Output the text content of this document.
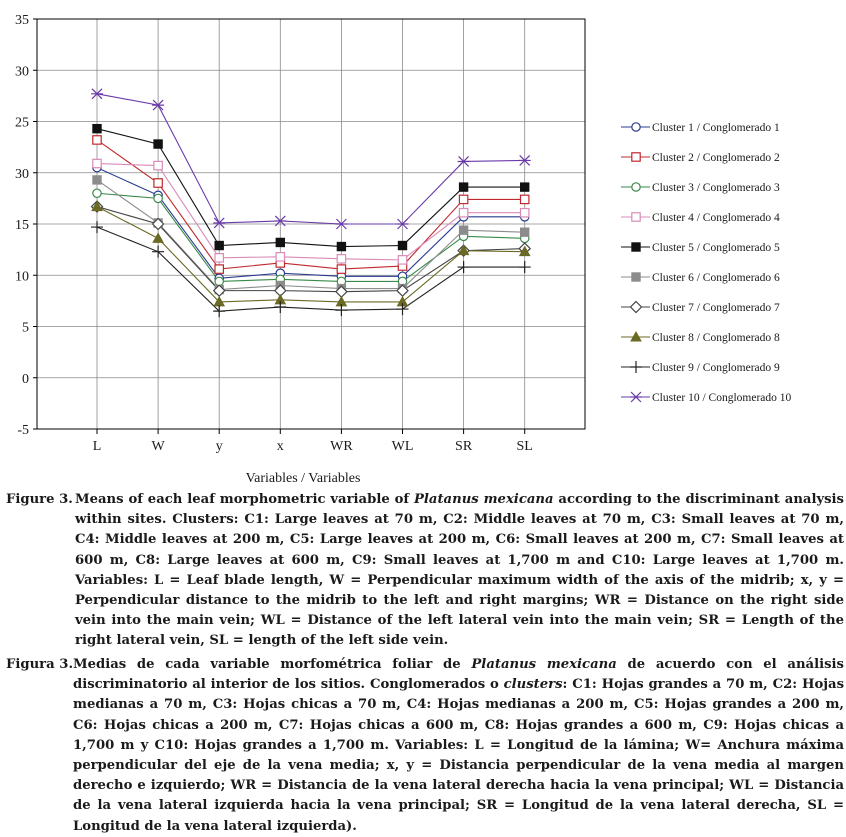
35
30
25
30
15
10
5
0
-5
L	W	y	x	WR	WL	SR	SL
Cluster 1 / Conglomerado 1
Cluster 2 / Conglomerado 2
Cluster 3 / Conglomerado 3
Cluster 4 / Conglomerado 4
Cluster 5 / Conglomerado 5
Cluster 6 / Conglomerado 6
Cluster 7 / Conglomerado 7
Cluster 8 / Conglomerado 8
Cluster 9 / Conglomerado 9
Cluster 10 / Conglomerado 10
Variables / Variables
Figure 3. Means of each leaf morphometric variable of Platanus mexicana according to the discriminant analysis within sites. Clusters: C1: Large leaves at 70 m, C2: Middle leaves at 70 m, C3: Small leaves at 70 m, C4: Middle leaves at 200 m, C5: Large leaves at 200 m, C6: Small leaves at 200 m, C7: Small leaves at 600 m, C8: Large leaves at 600 m, C9: Small leaves at 1,700 m and C10: Large leaves at 1,700 m. Variables: L = Leaf blade length, W = Perpendicular maximum width of the axis of the midrib; x, y = Perpendicular distance to the midrib to the left and right margins; WR = Distance on the right side vein into the main vein; WL = Distance of the left lateral vein into the main vein; SR = Length of the right lateral vein, SL = length of the left side vein.
Figura 3. Medias de cada variable morfométrica foliar de Platanus mexicana de acuerdo con el análisis discriminatorio al interior de los sitios. Conglomerados o clusters: C1: Hojas grandes a 70 m, C2: Hojas medianas a 70 m, C3: Hojas chicas a 70 m, C4: Hojas medianas a 200 m, C5: Hojas grandes a 200 m, C6: Hojas chicas a 200 m, C7: Hojas chicas a 600 m, C8: Hojas grandes a 600 m, C9: Hojas chicas a 1,700 m y C10: Hojas grandes a 1,700 m. Variables: L = Longitud de la lámina; W= Anchura máxima perpendicular del eje de la vena media; x, y = Distancia perpendicular de la vena media al margen derecho e izquierdo; WR = Distancia de la vena lateral derecha hacia la vena principal; WL = Distancia de la vena lateral izquierda hacia la vena principal; SR = Longitud de la vena lateral derecha, SL = Longitud de la vena lateral izquierda).
